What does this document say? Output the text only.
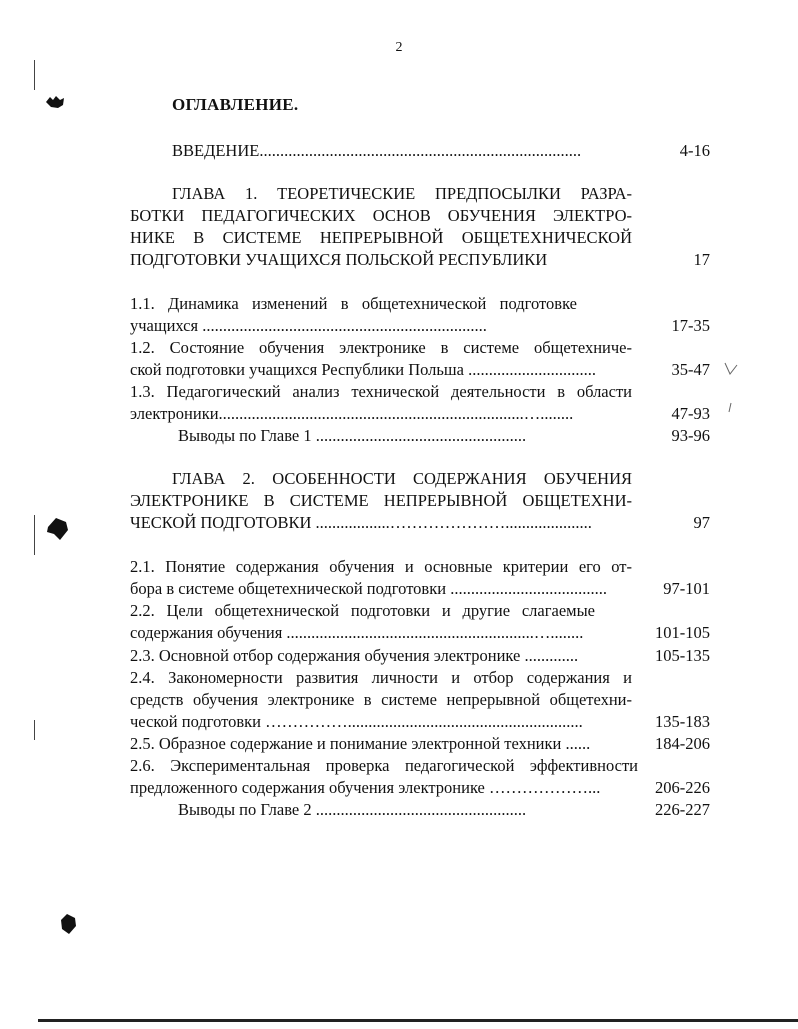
2
ОГЛАВЛЕНИЕ.
ВВЕДЕНИЕ..............................................................................	4-16
ГЛАВА 1. ТЕОРЕТИЧЕСКИЕ ПРЕДПОСЫЛКИ РАЗРА-
БОТКИ ПЕДАГОГИЧЕСКИХ ОСНОВ ОБУЧЕНИЯ ЭЛЕКТРО-
НИКЕ В СИСТЕМЕ НЕПРЕРЫВНОЙ ОБЩЕТЕХНИЧЕСКОЙ
ПОДГОТОВКИ УЧАЩИХСЯ ПОЛЬСКОЙ РЕСПУБЛИКИ	17
1.1. Динамика изменений в общетехнической подготовке
учащихся .....................................................................	17-35
1.2. Состояние обучения электронике в системе общетехниче-
ской подготовки учащихся Республики Польша ...............................	35-47
1.3. Педагогический анализ технической деятельности в области
электроники..........................................................................…........	47-93
Выводы по Главе 1 ...................................................	93-96
ГЛАВА 2. ОСОБЕННОСТИ СОДЕРЖАНИЯ ОБУЧЕНИЯ
ЭЛЕКТРОНИКЕ В СИСТЕМЕ НЕПРЕРЫВНОЙ ОБЩЕТЕХНИ-
ЧЕСКОЙ ПОДГОТОВКИ ..................………………….....................	97
2.1. Понятие содержания обучения и основные критерии его от-
бора в системе общетехнической подготовки ......................................	97-101
2.2. Цели общетехнической подготовки и другие слагаемые
содержания обучения ............................................................…........	101-105
2.3. Основной отбор содержания обучения электронике .............	105-135
2.4. Закономерности развития личности и отбор содержания и
средств обучения электронике в системе непрерывной общетехни-
ческой подготовки …………….........................................................	135-183
2.5. Образное содержание и понимание электронной техники ......	184-206
2.6. Экспериментальная проверка педагогической эффективности
предложенного содержания обучения электронике ………………...	206-226
Выводы по Главе 2 ...................................................	226-227
